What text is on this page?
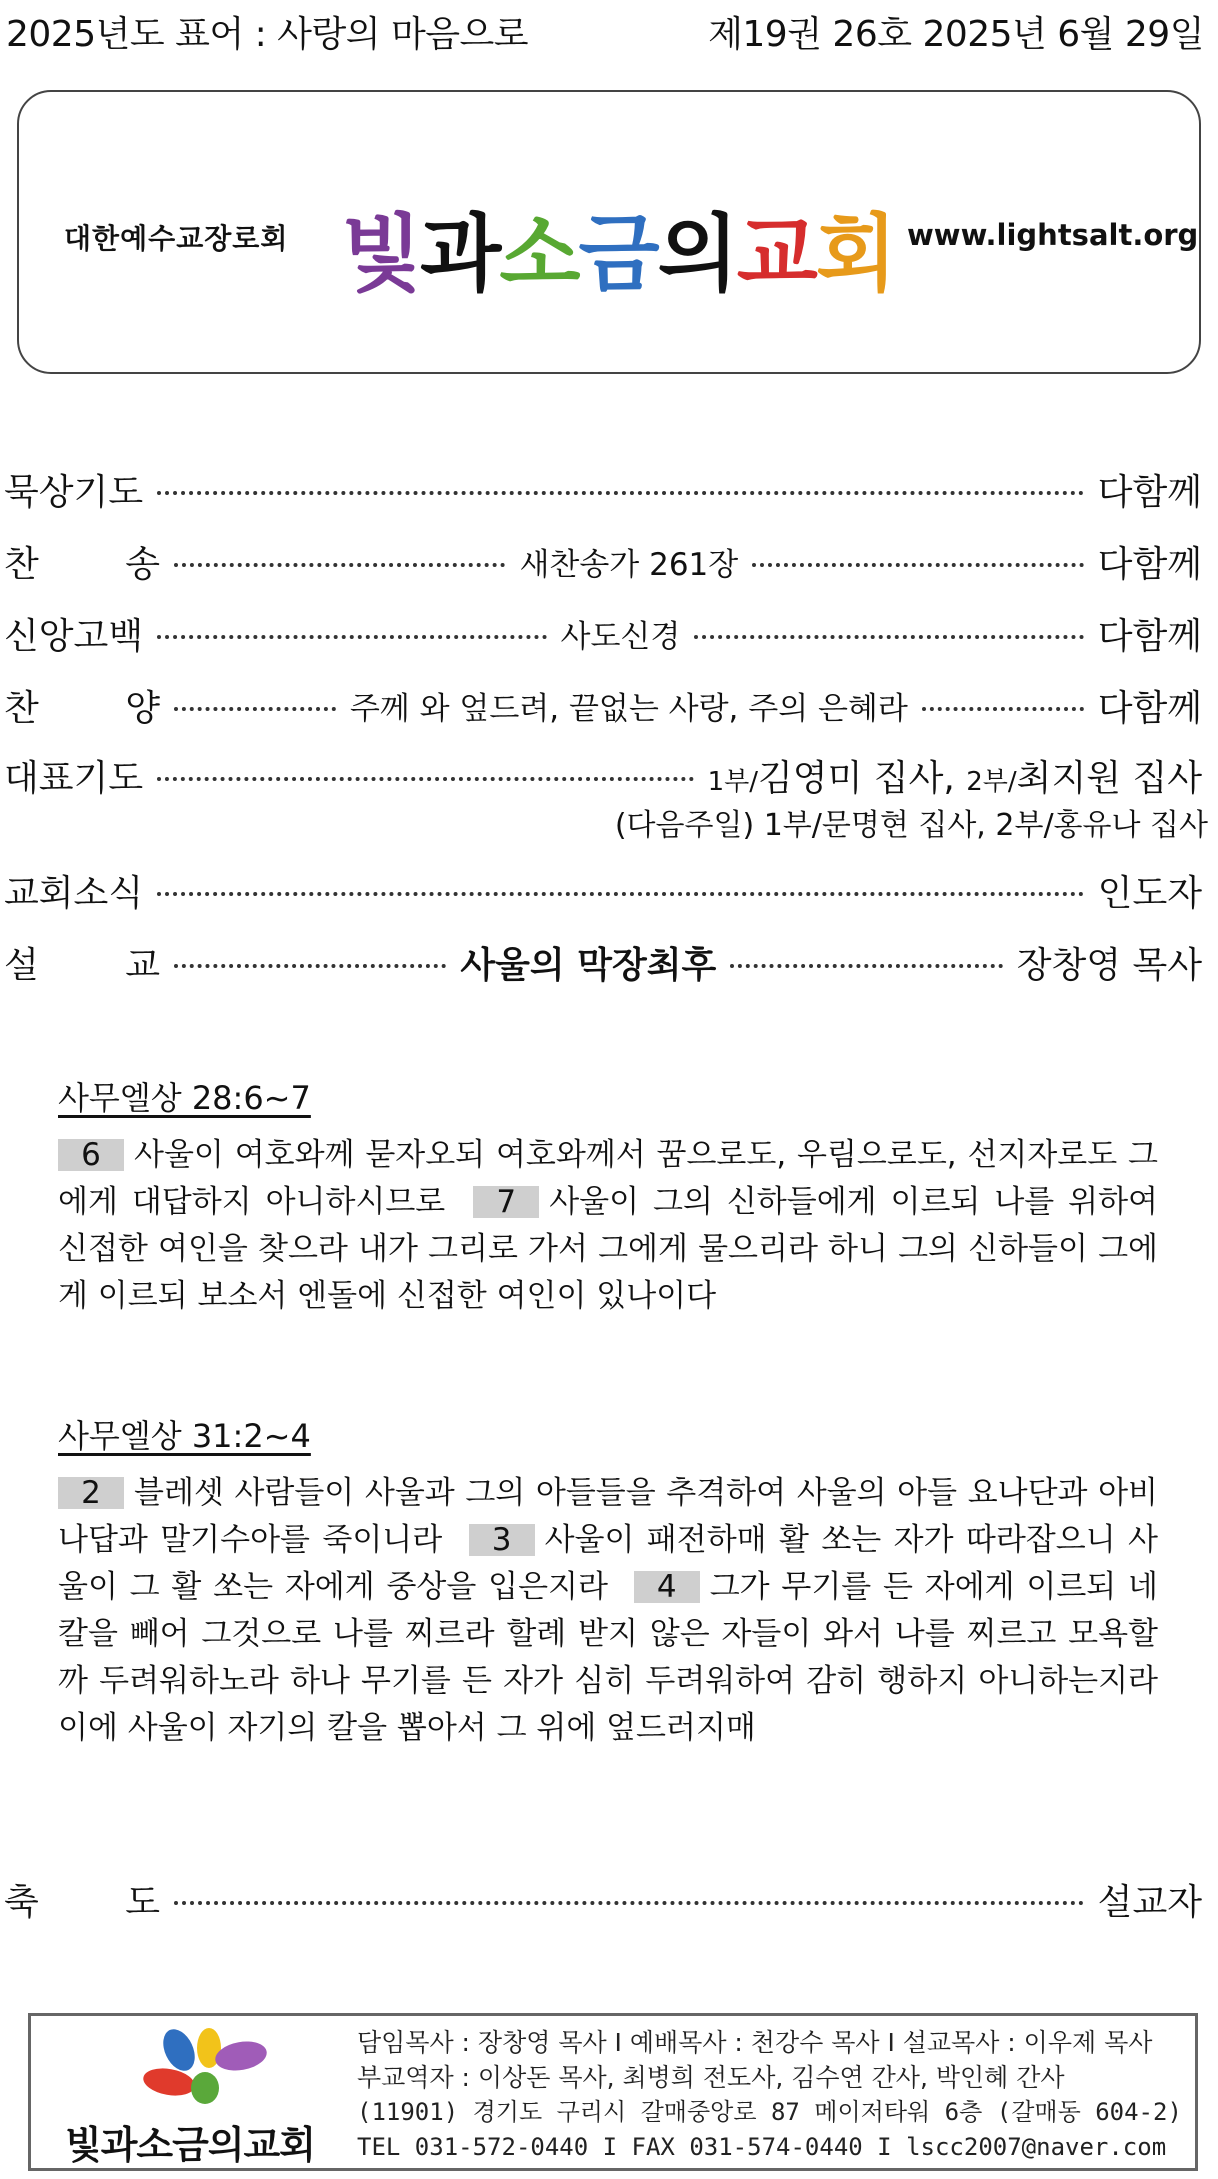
2025년도 표어 : 사랑의 마음으로	제19권 26호 2025년 6월 29일
대한예수교장로회 빛과소금의교회 www.lightsalt.org
묵상기도	다함께
찬 송	새찬송가 261장	다함께
신앙고백	사도신경	다함께
찬 양	주께 와 엎드려, 끝없는 사랑, 주의 은혜라	다함께
대표기도	1부/김영미 집사, 2부/최지원 집사
(다음주일) 1부/문명현 집사, 2부/홍유나 집사
교회소식	인도자
설 교	사울의 막장최후	장창영 목사
사무엘상 28:6~7
6 사울이 여호와께 묻자오되 여호와께서 꿈으로도, 우림으로도, 선지자로도 그에게 대답하지 아니하시므로 7 사울이 그의 신하들에게 이르되 나를 위하여 신접한 여인을 찾으라 내가 그리로 가서 그에게 물으리라 하니 그의 신하들이 그에게 이르되 보소서 엔돌에 신접한 여인이 있나이다
사무엘상 31:2~4
2 블레셋 사람들이 사울과 그의 아들들을 추격하여 사울의 아들 요나단과 아비나답과 말기수아를 죽이니라 3 사울이 패전하매 활 쏘는 자가 따라잡으니 사울이 그 활 쏘는 자에게 중상을 입은지라 4 그가 무기를 든 자에게 이르되 네 칼을 빼어 그것으로 나를 찌르라 할례 받지 않은 자들이 와서 나를 찌르고 모욕할까 두려워하노라 하나 무기를 든 자가 심히 두려워하여 감히 행하지 아니하는지라 이에 사울이 자기의 칼을 뽑아서 그 위에 엎드러지매
축 도	설교자
빛과소금의교회
담임목사 : 장창영 목사 I 예배목사 : 천강수 목사 I 설교목사 : 이우제 목사
부교역자 : 이상돈 목사, 최병희 전도사, 김수연 간사, 박인혜 간사
(11901) 경기도 구리시 갈매중앙로 87 메이저타워 6층 (갈매동 604-2)
TEL 031-572-0440 I FAX 031-574-0440 I lscc2007@naver.com
